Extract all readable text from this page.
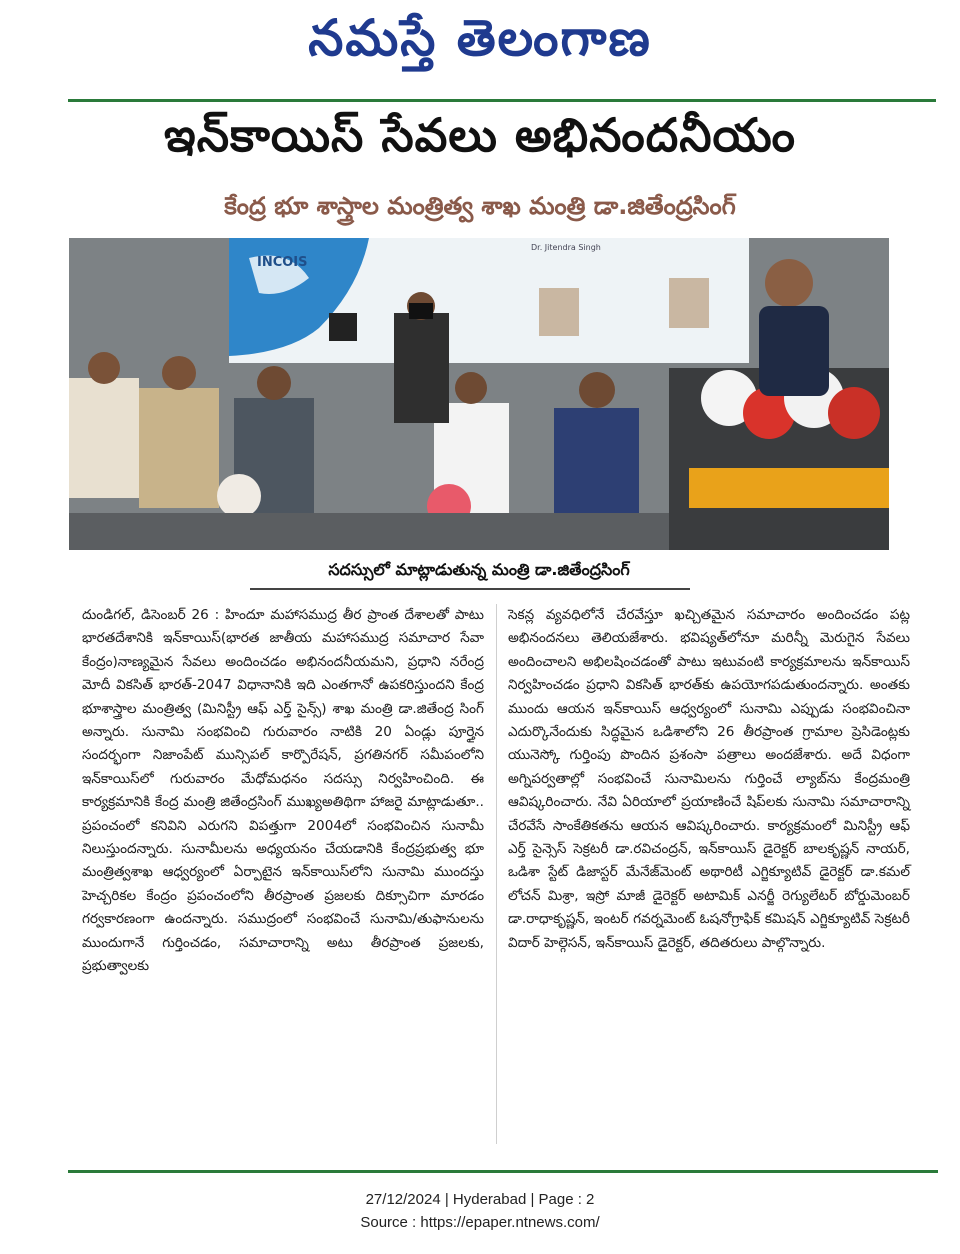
నమస్తే తెలంగాణ
ఇన్‌కాయిస్ సేవలు అభినందనీయం
కేంద్ర భూ శాస్త్రాల మంత్రిత్వ శాఖ మంత్రి డా.జితేంద్రసింగ్
INCOIS
Dr. Jitendra Singh
సదస్సులో మాట్లాడుతున్న మంత్రి డా.జితేంద్రసింగ్
దుండిగల్, డిసెంబర్ 26 : హిందూ మహాసముద్ర తీర ప్రాంత దేశాలతో పాటు భారతదేశానికి ఇన్‌కాయిస్(భారత జాతీయ మహాసముద్ర సమాచార సేవా కేంద్రం)నాణ్యమైన సేవలు అందించడం అభినందనీయమని, ప్రధాని నరేంద్ర మోదీ వికసిత్ భారత్-2047 విధానానికి ఇది ఎంతగానో ఉపకరిస్తుందని కేంద్ర భూశాస్త్రాల మంత్రిత్వ (మినిస్ట్రీ ఆఫ్ ఎర్త్ సైన్స్) శాఖ మంత్రి డా.జితేంద్ర సింగ్ అన్నారు. సునామి సంభవించి గురువారం నాటికి 20 ఏండ్లు పూర్తైన సందర్భంగా నిజాంపేట్ మున్సిపల్ కార్పొరేషన్, ప్రగతినగర్ సమీపంలోని ఇన్‌కాయిస్‌లో గురువారం మేధోమధనం సదస్సు నిర్వహించింది. ఈ కార్యక్రమానికి కేంద్ర మంత్రి జితేంద్రసింగ్ ముఖ్యఅతిథిగా హాజరై మాట్లాడుతూ.. ప్రపంచంలో కనివిని ఎరుగని విపత్తుగా 2004లో సంభవించిన సునామీ నిలుస్తుందన్నారు. సునామీలను అధ్యయనం చేయడానికి కేంద్రప్రభుత్వ భూ మంత్రిత్వశాఖ ఆధ్వర్యంలో ఏర్పాటైన ఇన్‌కాయిస్‌లోని సునామి ముందస్తు హెచ్చరికల కేంద్రం ప్రపంచంలోని తీరప్రాంత ప్రజలకు దిక్సూచిగా మారడం గర్వకారణంగా ఉందన్నారు. సముద్రంలో సంభవించే సునామి/తుఫానులను ముందుగానే గుర్తించడం, సమాచారాన్ని అటు తీరప్రాంత ప్రజలకు, ప్రభుత్వాలకు
సెకన్ల వ్యవధిలోనే చేరవేస్తూ ఖచ్చితమైన సమాచారం అందించడం పట్ల అభినందనలు తెలియజేశారు. భవిష్యత్‌లోనూ మరిన్నీ మెరుగైన సేవలు అందించాలని అభిలషించడంతో పాటు ఇటువంటి కార్యక్రమాలను ఇన్‌కాయిస్ నిర్వహించడం ప్రధాని వికసిత్ భారత్‌కు ఉపయోగపడుతుందన్నారు. అంతకు ముందు ఆయన ఇన్‌కాయిస్ ఆధ్వర్యంలో సునామి ఎప్పుడు సంభవించినా ఎదుర్కొనేందుకు సిద్ధమైన ఒడిశాలోని 26 తీరప్రాంత గ్రామాల ప్రెసిడెంట్లకు యునెస్కో గుర్తింపు పొందిన ప్రశంసా పత్రాలు అందజేశారు. అదే విధంగా అగ్నిపర్వతాల్లో సంభవించే సునామిలను గుర్తించే ల్యాబ్‌ను కేంద్రమంత్రి ఆవిష్కరించారు. నేవి ఏరియాలో ప్రయాణించే షిప్‌లకు సునామి సమాచారాన్ని చేరవేసే సాంకేతికతను ఆయన ఆవిష్కరించారు. కార్యక్రమంలో మినిస్ట్రీ ఆఫ్ ఎర్త్ సైన్సెస్ సెక్రటరీ డా.రవిచంద్రన్, ఇన్‌కాయిస్ డైరెక్టర్ బాలకృష్ణన్ నాయర్, ఒడిశా స్టేట్ డిజాస్టర్ మేనేజ్‌మెంట్ అథారిటీ ఎగ్జిక్యూటివ్ డైరెక్టర్ డా.కమల్ లోచన్ మిశ్రా, ఇస్రో మాజీ డైరెక్టర్ అటామిక్ ఎనర్జీ రెగ్యులేటర్ బోర్డుమెంబర్ డా.రాధాకృష్ణన్, ఇంటర్ గవర్నమెంట్ ఓషనోగ్రాఫిక్ కమిషన్ ఎగ్జిక్యూటివ్ సెక్రటరీ విదార్ హెల్గెసన్, ఇన్‌కాయిస్ డైరెక్టర్, తదితరులు పాల్గొన్నారు.
27/12/2024 | Hyderabad | Page : 2
Source : https://epaper.ntnews.com/
